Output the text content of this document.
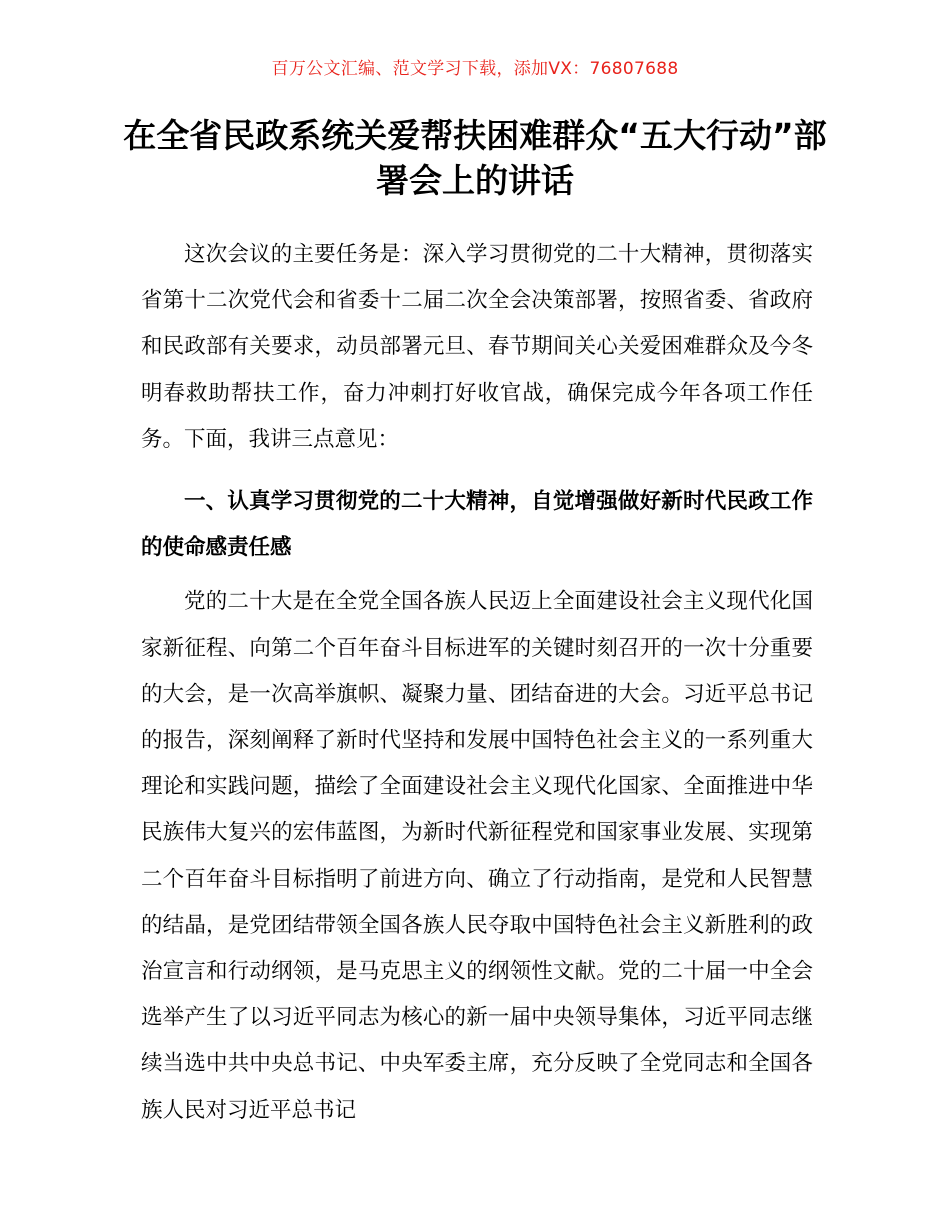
百万公文汇编、范文学习下载，添加VX：76807688
在全省民政系统关爱帮扶困难群众“五大行动”部署会上的讲话

这次会议的主要任务是：深入学习贯彻党的二十大精神，贯彻落实省第十二次党代会和省委十二届二次全会决策部署，按照省委、省政府和民政部有关要求，动员部署元旦、春节期间关心关爱困难群众及今冬明春救助帮扶工作，奋力冲刺打好收官战，确保完成今年各项工作任务。下面，我讲三点意见：

一、认真学习贯彻党的二十大精神，自觉增强做好新时代民政工作的使命感责任感

党的二十大是在全党全国各族人民迈上全面建设社会主义现代化国家新征程、向第二个百年奋斗目标进军的关键时刻召开的一次十分重要的大会，是一次高举旗帜、凝聚力量、团结奋进的大会。习近平总书记的报告，深刻阐释了新时代坚持和发展中国特色社会主义的一系列重大理论和实践问题，描绘了全面建设社会主义现代化国家、全面推进中华民族伟大复兴的宏伟蓝图，为新时代新征程党和国家事业发展、实现第二个百年奋斗目标指明了前进方向、确立了行动指南，是党和人民智慧的结晶，是党团结带领全国各族人民夺取中国特色社会主义新胜利的政治宣言和行动纲领，是马克思主义的纲领性文献。党的二十届一中全会选举产生了以习近平同志为核心的新一届中央领导集体，习近平同志继续当选中共中央总书记、中央军委主席，充分反映了全党同志和全国各族人民对习近平总书记
